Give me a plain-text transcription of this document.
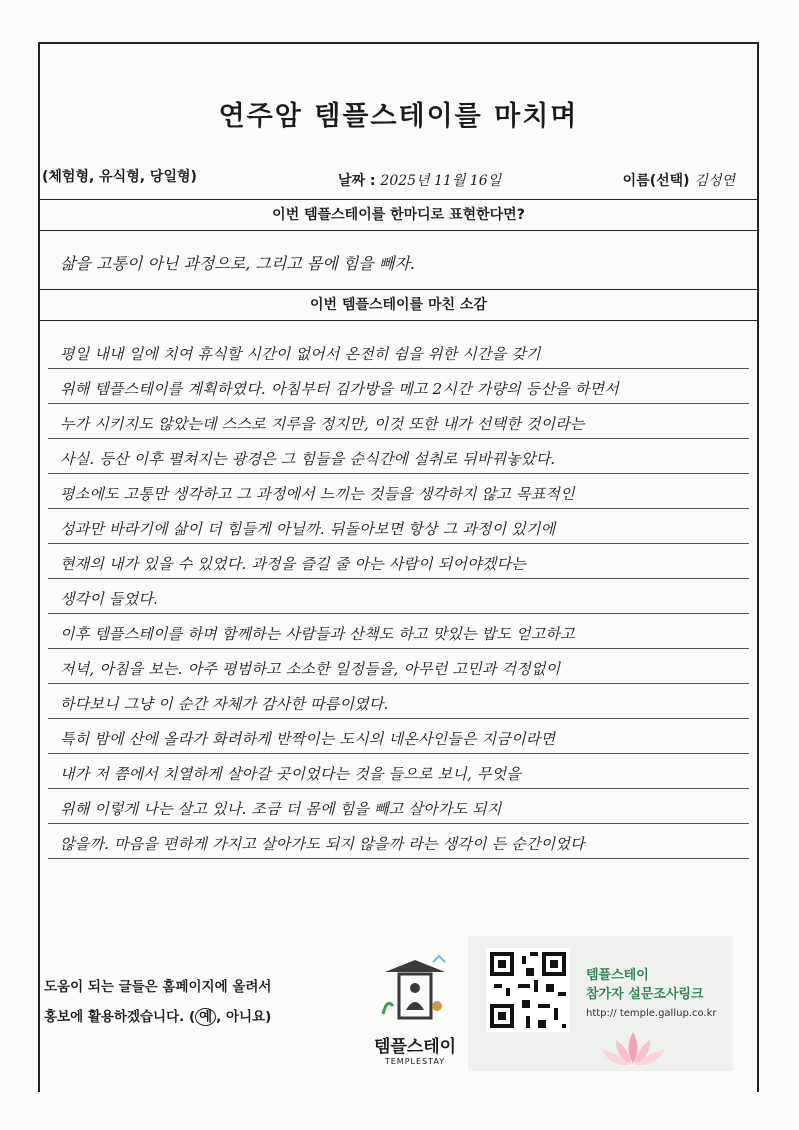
연주암 템플스테이를 마치며
(체험형, 유식형, 당일형)	날짜 : 2025년 11월 16일	이름(선택) 김성연
이번 템플스테이를 한마디로 표현한다면?
삶을 고통이 아닌 과정으로, 그리고 몸에 힘을 빼자.
이번 템플스테이를 마친 소감
평일 내내 일에 치여 휴식할 시간이 없어서 온전히 쉼을 위한 시간을 갖기
위해 템플스테이를 계획하였다. 아침부터 김가방을 메고 2시간 가량의 등산을 하면서
누가 시키지도 않았는데 스스로 지루을 정지만, 이것 또한 내가 선택한 것이라는
사실. 등산 이후 펼쳐지는 광경은 그 힘들을 순식간에 설취로 뒤바꿔놓았다.
평소에도 고통만 생각하고 그 과정에서 느끼는 것들을 생각하지 않고 목표적인
성과만 바라기에 삶이 더 힘들게 아닐까. 뒤돌아보면 항상 그 과정이 있기에
현재의 내가 있을 수 있었다. 과정을 즐길 줄 아는 사람이 되어야겠다는
생각이 들었다.
이후 템플스테이를 하며 함께하는 사람들과 산책도 하고 맛있는 밥도 얻고하고
저녁, 아침을 보는. 아주 평범하고 소소한 일정들을, 아무런 고민과 걱정없이
하다보니 그냥 이 순간 자체가 감사한 따름이였다.
특히 밤에 산에 올라가 화려하게 반짝이는 도시의 네온사인들은 지금이라면
내가 저 쯤에서 치열하게 살아갈 곳이었다는 것을 들으로 보니, 무엇을
위해 이렇게 나는 살고 있나. 조금 더 몸에 힘을 빼고 살아가도 되지
않을까. 마음을 편하게 가지고 살아가도 되지 않을까 라는 생각이 든 순간이었다
도움이 되는 글들은 홈페이지에 올려서
홍보에 활용하겠습니다. ( 예 , 아니요)
템플스테이
TEMPLESTAY
템플스테이
참가자 설문조사링크
http:// temple.gallup.co.kr
